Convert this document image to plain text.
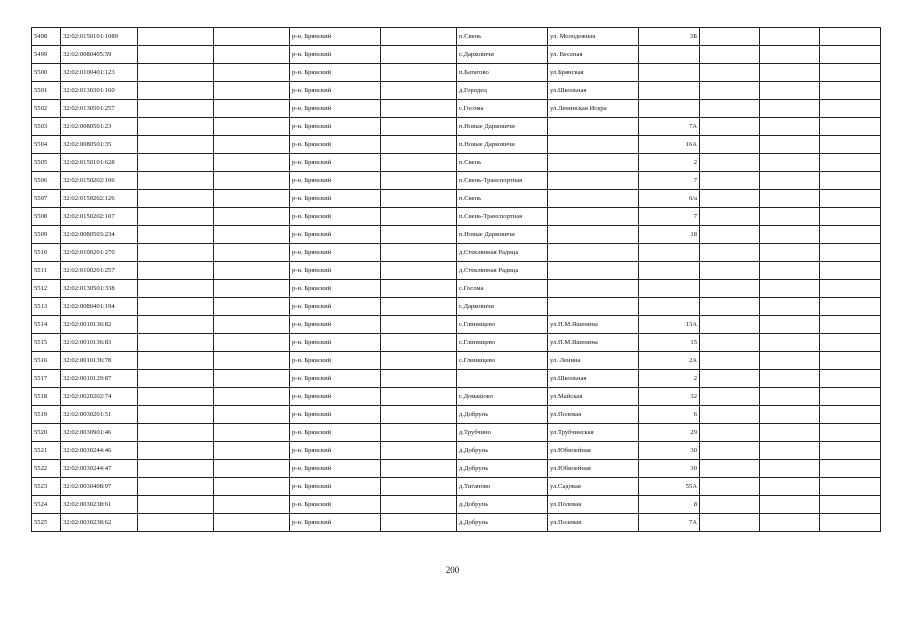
5498	32:02:0150101:1089			р-н. Брянский		п.Свень	ул. Молодежная	3Б			
5499	32:02:0080405:59			р-н. Брянский		с.Дарковичи	ул. Весеная				
5500	32:02:0100401:123			р-н. Брянский		п.Батагово	ул.Брянская				
5501	32:02:0130301:160			р-н. Брянский		д.Городец	ул.Школьная				
5502	32:02:0130501:257			р-н. Брянский		с.Госома	ул.Ленинская Искра				
5503	32:02:0080501:23			р-н. Брянский		п.Новые Дарковичи		7А			
5504	32:02:0080501:35			р-н. Брянский		п.Новые Дарковичи		16А			
5505	32:02:0150101:628			р-н. Брянский		п.Свень		2			
5506	32:02:0150202:106			р-н. Брянский		п.Свень-Транспортная		7			
5507	32:02:0150202:126			р-н. Брянский		п.Свень		6/а			
5508	32:02:0150202:107			р-н. Брянский		п.Свень-Транспортная		7			
5509	32:02:0080503:234			р-н. Брянский		п.Новые Дарковичи		18			
5510	32:02:0100201:270			р-н. Брянский		д.Стеклянная Радица					
5511	32:02:0100201:257			р-н. Брянский		д.Стеклянная Радица					
5512	32:02:0130501:338			р-н. Брянский		с.Госома					
5513	32:02:0080401:194			р-н. Брянский		с.Дарковичи					
5514	32:02:0010136:82			р-н. Брянский		с.Глинищево	ул.П.М.Яшенина	13А			
5515	32:02:0010136:83			р-н. Брянский		с.Глинищево	ул.П.М.Яшенина	15			
5516	32:02:0010136:78			р-н. Брянский		с.Глинищево	ул. Ленина	2А			
5517	32:02:0010129:87			р-н. Брянский			ул.Школьная	2			
5518	32:02:0020202:74			р-н. Брянский		с.Домашово	ул.Майская	32			
5519	32:02:0030201:51			р-н. Брянский		д.Добрунь	ул.Полевая	6			
5520	32:02:0030901:46			р-н. Брянский		д.Трубчино	ул.Трубчинская	29			
5521	32:02:0030244:46			р-н. Брянский		д.Добрунь	ул.Юбилейная	30			
5522	32:02:0030244:47			р-н. Брянский		д.Добрунь	ул.Юбилейная	30			
5523	32:02:0030408:97			р-н. Брянский		д.Тиганово	ул.Садовая	55А			
5524	32:02:0030238:61			р-н. Брянский		д.Добрунь	ул.Полевая	8			
5525	32:02:0030238:62			р-н. Брянский		д.Добрунь	ул.Полевая	7А			
200
